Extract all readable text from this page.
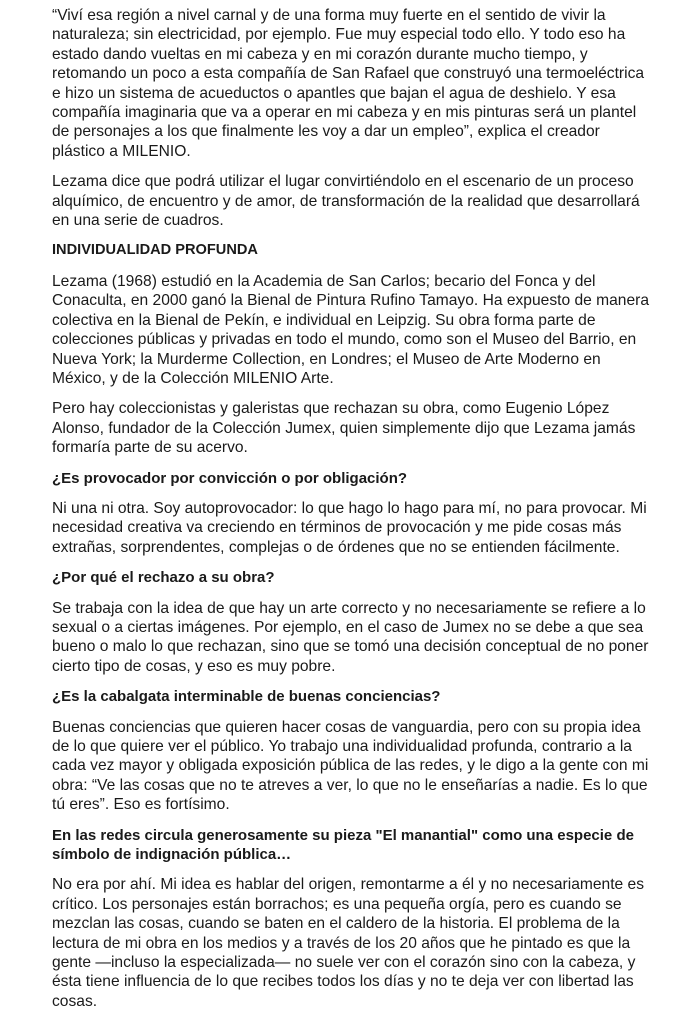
“Viví esa región a nivel carnal y de una forma muy fuerte en el sentido de vivir la naturaleza; sin electricidad, por ejemplo. Fue muy especial todo ello. Y todo eso ha estado dando vueltas en mi cabeza y en mi corazón durante mucho tiempo, y retomando un poco a esta compañía de San Rafael que construyó una termoeléctrica e hizo un sistema de acueductos o apantles que bajan el agua de deshielo. Y esa compañía imaginaria que va a operar en mi cabeza y en mis pinturas será un plantel de personajes a los que finalmente les voy a dar un empleo”, explica el creador plástico a MILENIO.

Lezama dice que podrá utilizar el lugar convirtiéndolo en el escenario de un proceso alquímico, de encuentro y de amor, de transformación de la realidad que desarrollará en una serie de cuadros.

INDIVIDUALIDAD PROFUNDA

Lezama (1968) estudió en la Academia de San Carlos; becario del Fonca y del Conaculta, en 2000 ganó la Bienal de Pintura Rufino Tamayo. Ha expuesto de manera colectiva en la Bienal de Pekín, e individual en Leipzig. Su obra forma parte de colecciones públicas y privadas en todo el mundo, como son el Museo del Barrio, en Nueva York; la Murderme Collection, en Londres; el Museo de Arte Moderno en México, y de la Colección MILENIO Arte.

Pero hay coleccionistas y galeristas que rechazan su obra, como Eugenio López Alonso, fundador de la Colección Jumex, quien simplemente dijo que Lezama jamás formaría parte de su acervo.

¿Es provocador por convicción o por obligación?

Ni una ni otra. Soy autoprovocador: lo que hago lo hago para mí, no para provocar. Mi necesidad creativa va creciendo en términos de provocación y me pide cosas más extrañas, sorprendentes, complejas o de órdenes que no se entienden fácilmente.

¿Por qué el rechazo a su obra?

Se trabaja con la idea de que hay un arte correcto y no necesariamente se refiere a lo sexual o a ciertas imágenes. Por ejemplo, en el caso de Jumex no se debe a que sea bueno o malo lo que rechazan, sino que se tomó una decisión conceptual de no poner cierto tipo de cosas, y eso es muy pobre.

¿Es la cabalgata interminable de buenas conciencias?

Buenas conciencias que quieren hacer cosas de vanguardia, pero con su propia idea de lo que quiere ver el público. Yo trabajo una individualidad profunda, contrario a la cada vez mayor y obligada exposición pública de las redes, y le digo a la gente con mi obra: “Ve las cosas que no te atreves a ver, lo que no le enseñarías a nadie. Es lo que tú eres”. Eso es fortísimo.

En las redes circula generosamente su pieza "El manantial" como una especie de símbolo de indignación pública…

No era por ahí. Mi idea es hablar del origen, remontarme a él y no necesariamente es crítico. Los personajes están borrachos; es una pequeña orgía, pero es cuando se mezclan las cosas, cuando se baten en el caldero de la historia. El problema de la lectura de mi obra en los medios y a través de los 20 años que he pintado es que la gente —incluso la especializada— no suele ver con el corazón sino con la cabeza, y ésta tiene influencia de lo que recibes todos los días y no te deja ver con libertad las cosas.
